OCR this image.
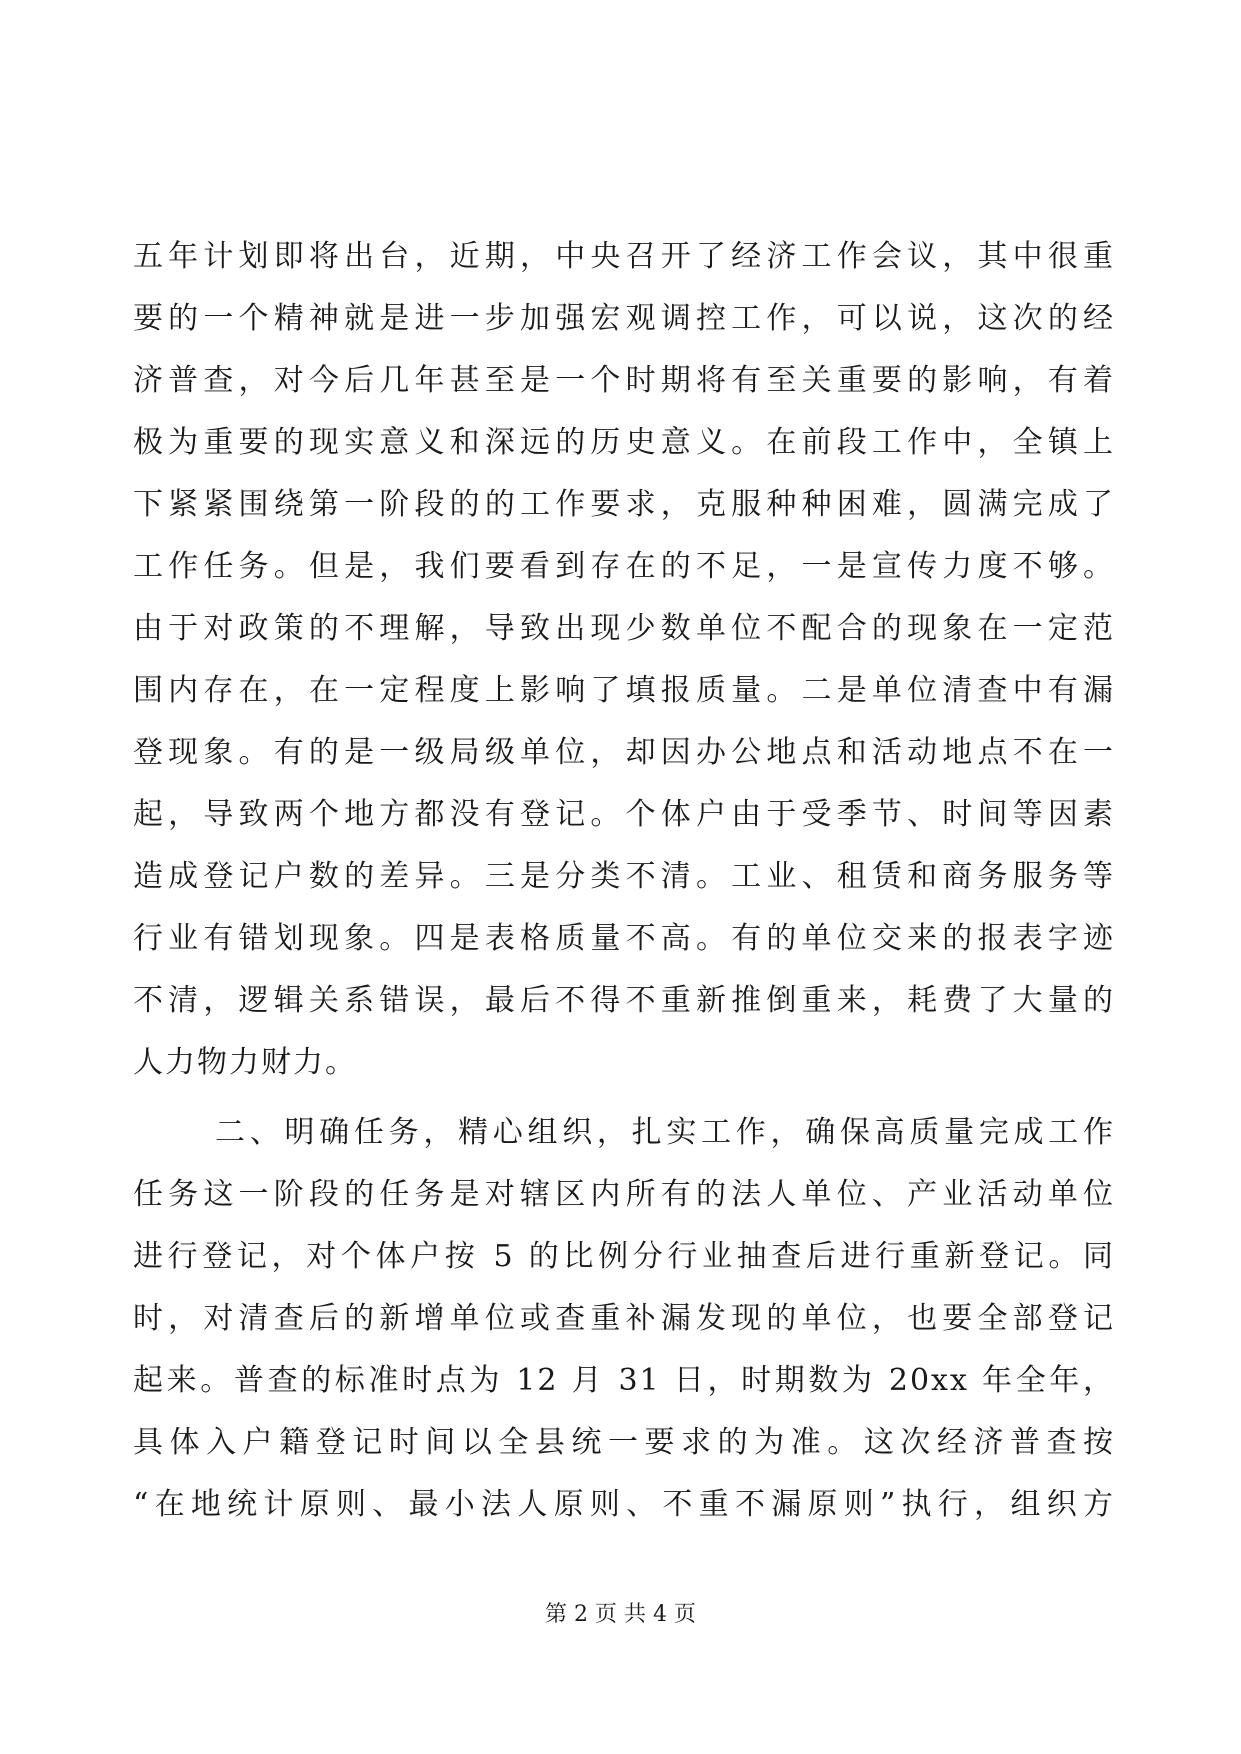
五年计划即将出台，近期，中央召开了经济工作会议，其中很重
要的一个精神就是进一步加强宏观调控工作，可以说，这次的经
济普查，对今后几年甚至是一个时期将有至关重要的影响，有着
极为重要的现实意义和深远的历史意义。在前段工作中，全镇上
下紧紧围绕第一阶段的的工作要求，克服种种困难，圆满完成了
工作任务。但是，我们要看到存在的不足，一是宣传力度不够。
由于对政策的不理解，导致出现少数单位不配合的现象在一定范
围内存在，在一定程度上影响了填报质量。二是单位清查中有漏
登现象。有的是一级局级单位，却因办公地点和活动地点不在一
起，导致两个地方都没有登记。个体户由于受季节、时间等因素
造成登记户数的差异。三是分类不清。工业、租赁和商务服务等
行业有错划现象。四是表格质量不高。有的单位交来的报表字迹
不清，逻辑关系错误，最后不得不重新推倒重来，耗费了大量的
人力物力财力。
二、明确任务，精心组织，扎实工作，确保高质量完成工作
任务这一阶段的任务是对辖区内所有的法人单位、产业活动单位
进行登记，对个体户按 5 的比例分行业抽查后进行重新登记。同
时，对清查后的新增单位或查重补漏发现的单位，也要全部登记
起来。普查的标准时点为 12 月 31 日，时期数为 20xx 年全年，
具体入户籍登记时间以全县统一要求的为准。这次经济普查按
“在地统计原则、最小法人原则、不重不漏原则”执行，组织方
第 2 页 共 4 页
